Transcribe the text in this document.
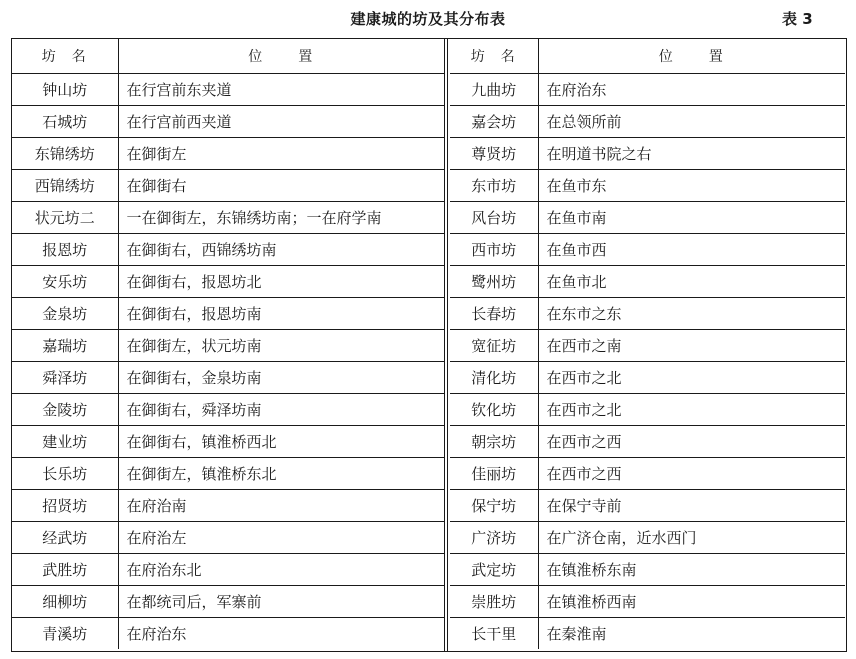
建康城的坊及其分布表	表 3
坊 名	位 置
钟山坊	在行宫前东夹道
石城坊	在行宫前西夹道
东锦绣坊	在御街左
西锦绣坊	在御街右
状元坊二	一在御街左，东锦绣坊南；一在府学南
报恩坊	在御街右，西锦绣坊南
安乐坊	在御街右，报恩坊北
金泉坊	在御街右，报恩坊南
嘉瑞坊	在御街左，状元坊南
舜泽坊	在御街右，金泉坊南
金陵坊	在御街右，舜泽坊南
建业坊	在御街右，镇淮桥西北
长乐坊	在御街左，镇淮桥东北
招贤坊	在府治南
经武坊	在府治左
武胜坊	在府治东北
细柳坊	在都统司后，军寨前
青溪坊	在府治东
坊 名	位 置
九曲坊	在府治东
嘉会坊	在总领所前
尊贤坊	在明道书院之右
东市坊	在鱼市东
风台坊	在鱼市南
西市坊	在鱼市西
鹭州坊	在鱼市北
长春坊	在东市之东
宽征坊	在西市之南
清化坊	在西市之北
钦化坊	在西市之北
朝宗坊	在西市之西
佳丽坊	在西市之西
保宁坊	在保宁寺前
广济坊	在广济仓南，近水西门
武定坊	在镇淮桥东南
崇胜坊	在镇淮桥西南
长干里	在秦淮南
